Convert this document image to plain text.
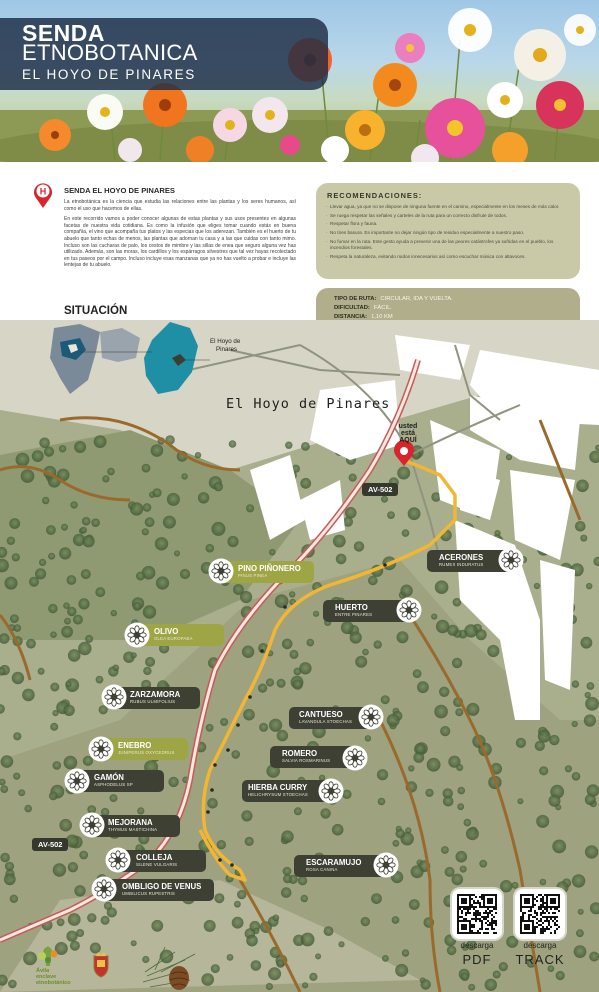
SENDA
ETNOBOTANICA
EL HOYO DE PINARES
H SENDA EL HOYO DE PINARES

La etnobotánica es la ciencia que estudia las relaciones entre las plantas y los seres humanos, así como el uso que hacemos de ellas.

En este recorrido vamos a poder conocer algunas de estas plantas y sus usos presentes en algunas facetas de nuestra vida cotidiana. Es como la infusión que eliges tomar cuando estás en buena compañía, el vino que acompaña tus platos y las especias que los aderezan. También es el huerto de tu abuelo que tanto echas de menos, las plantas que adornan tu casa y a las que cuidas con tanto mimo. Incluso son las cucharas de palo, los cestos de mimbre y las sillas de enea que seguro alguna vez has utilizado. Además, son las moras, los cardillos y los espárragos silvestres que tal vez hayas recolectado en tus paseos por el campo. Incluso incluye esas manzanas que ya no has vuelto a probar e incluye las lentejas de tu abuelo.

RECOMENDACIONES:
· Llevar agua, ya que no se dispone de ninguna fuente en el camino, especialmente en los meses de más calor.
· Se ruega respetar las señales y carteles de la ruta para un correcto disfrute de todos.
· Respetar flora y fauna.
· No tires basura. Es importante no dejar ningún tipo de residuo especialmente a nuestro paso.
· No fumar en la ruta. Este gesto ayuda a prevenir una de las peores catástrofes ya sufridas en el pueblo, los incendios forestales.
· Respeta la naturaleza, evitando ruidos innecesarios así como escuchar música con altavoces.
TIPO DE RUTA: CIRCULAR, IDA Y VUELTA.
DIFICULTAD: FÁCIL.
DISTANCIA: 1,10 KM
El Hoyo de
Pinares
SITUACIÓN
El Hoyo de Pinares
usted
está
AQUÍ
AV-502
AV-502
PINO PIÑONERO
PINUS PINEA
ACERONES
RUMEX INDURATUS
HUERTO
ENTRE PINARES
OLIVO
OLEA EUROPAEA
ZARZAMORA
RUBUS ULMIFOLIUS
CANTUESO
LAVANDULA STOECHAS
ENEBRO
JUNIPERUS OXYCEDRUS	ROMERO
SALVIA ROSMARINUS
GAMÓN
ASPHODELUS SP	HIERBA CURRY
HELICHRYSUM STOECHAS
MEJORANA
THYMUS MASTICHINA
COLLEJA
SILENE VULGARIS	ESCARAMUJO
ROSA CANINA
OMBLIGO DE VENUS
UMBILICUS RUPESTRIS
descarga
PDF
descarga
TRACK
Ávila
enclave
etnobotánico
